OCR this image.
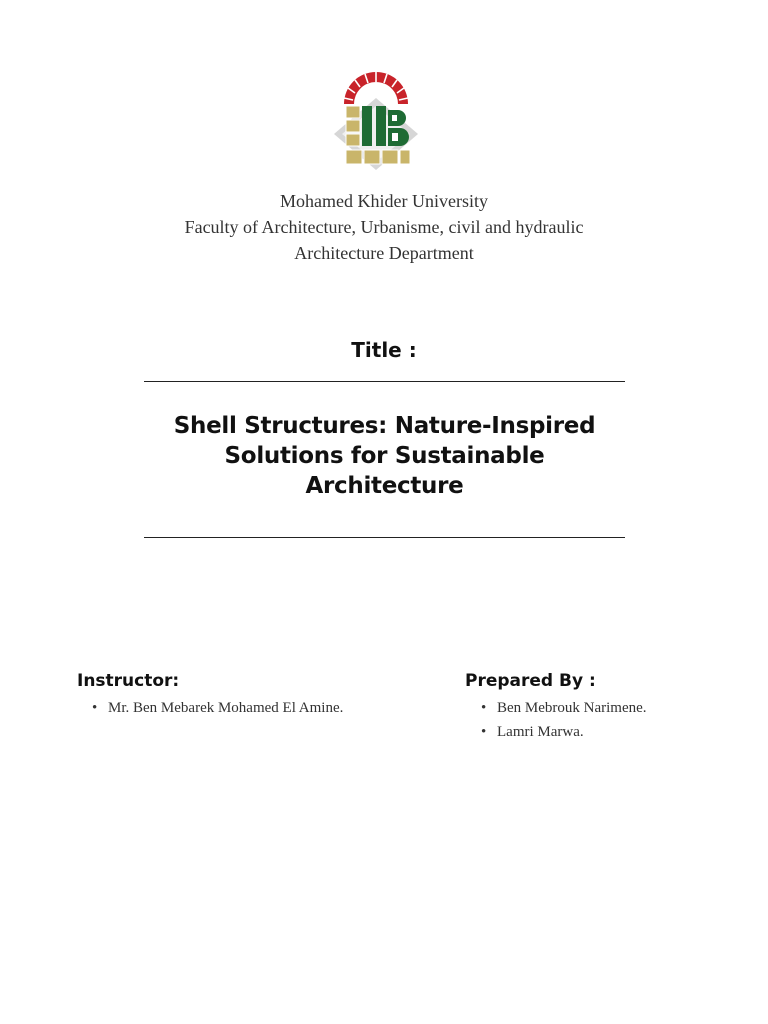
Mohamed Khider University
Faculty of Architecture, Urbanisme, civil and hydraulic
Architecture Department
Title :
Shell Structures: Nature-Inspired
Solutions for Sustainable
Architecture
Instructor:
• Mr. Ben Mebarek Mohamed El Amine.
Prepared By :
• Ben Mebrouk Narimene.
• Lamri Marwa.
